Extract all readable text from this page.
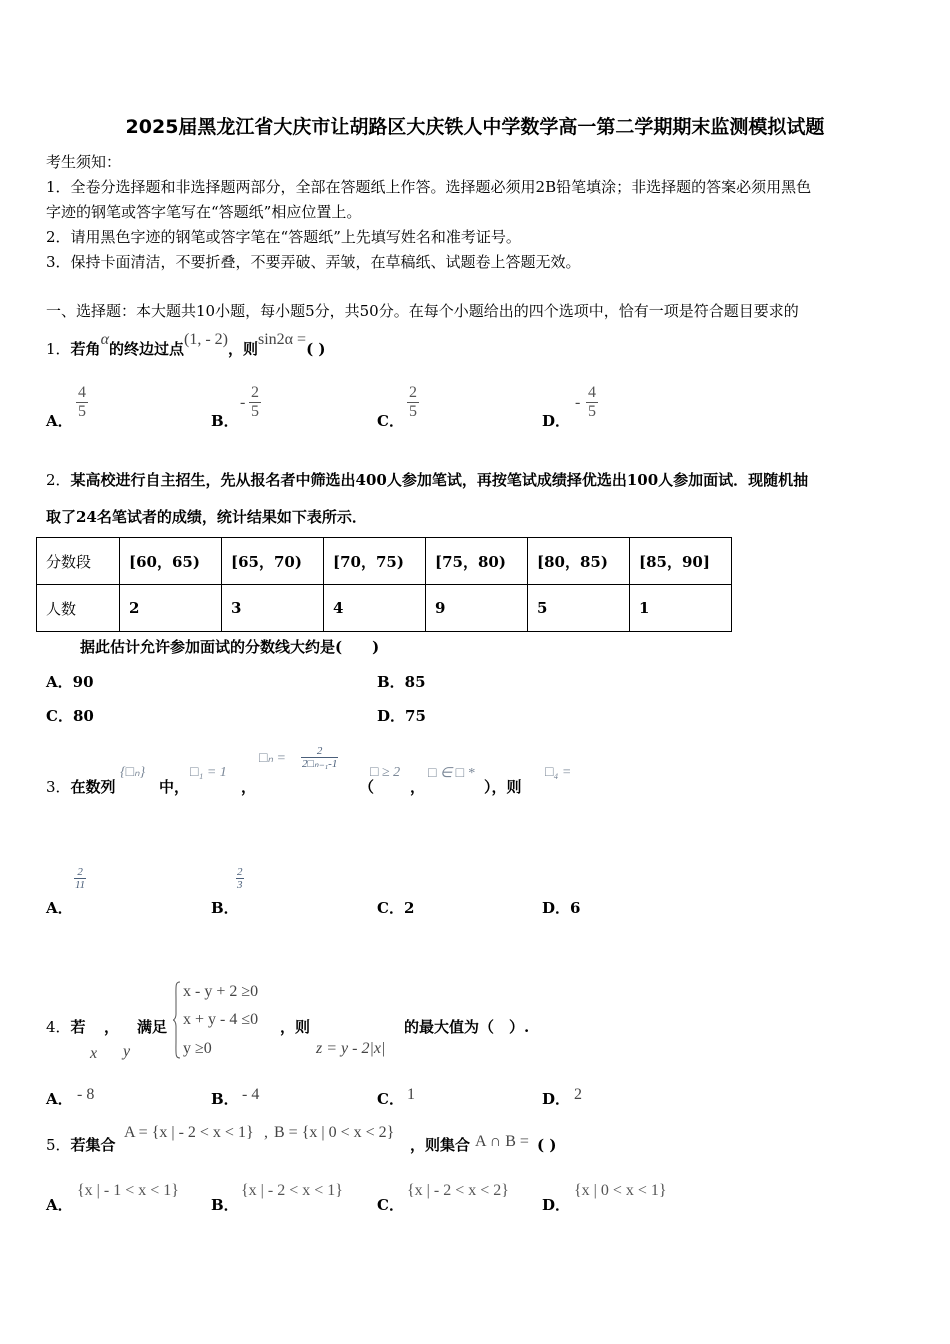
2025届黑龙江省大庆市让胡路区大庆铁人中学数学高一第二学期期末监测模拟试题
考生须知：
1．全卷分选择题和非选择题两部分，全部在答题纸上作答。选择题必须用2B铅笔填涂；非选择题的答案必须用黑色
字迹的钢笔或答字笔写在“答题纸”相应位置上。
2．请用黑色字迹的钢笔或答字笔在“答题纸”上先填写姓名和准考证号。
3．保持卡面清洁，不要折叠，不要弄破、弄皱，在草稿纸、试题卷上答题无效。
一、选择题：本大题共10小题，每小题5分，共50分。在每个小题给出的四个选项中，恰有一项是符合题目要求的
1．若角α的终边过点(1, - 2)，则sin2α =( )
A． $\frac{4}{5}$	B．
- $\frac{2}{5}$	C． $\frac{2}{5}$	D．
- $\frac{4}{5}$
2．某高校进行自主招生，先从报名者中筛选出400人参加笔试，再按笔试成绩择优选出100人参加面试．现随机抽
取了24名笔试者的成绩，统计结果如下表所示．
分数段	[60，65)	[65，70)	[70，75)	[75，80)	[80，85)	[85，90]
人数	2	3	4	9	5	1
据此估计允许参加面试的分数线大约是(　　)
A．90	B．85
C．80	D．75
3．在数列
{□ₙ}
中，
□₁ = 1
，
□ₙ = $\frac{2}{\text{2□ₙ₋₁-1}}$
（
□ ≥ 2
，
□ ∈ □ *
），则
□₄ =
A．
$\frac{2}{11}$
B．
$\frac{2}{3}$
C．2	D．6
4．若 ， 满足
x y
x - y + 2 ≥0
x + y - 4 ≤0
y ≥0
，则
z = y - 2|x|
的最大值为（　）.
A． - 8	B． - 4	C． 1	D． 2
5．若集合
A = {x | - 2 < x < 1} , B = {x | 0 < x < 2}
，则集合 A ∩ B = ( )
A．
{x | - 1 < x < 1}
B．
{x | - 2 < x < 1}
C．
{x | - 2 < x < 2}
D．
{x | 0 < x < 1}
